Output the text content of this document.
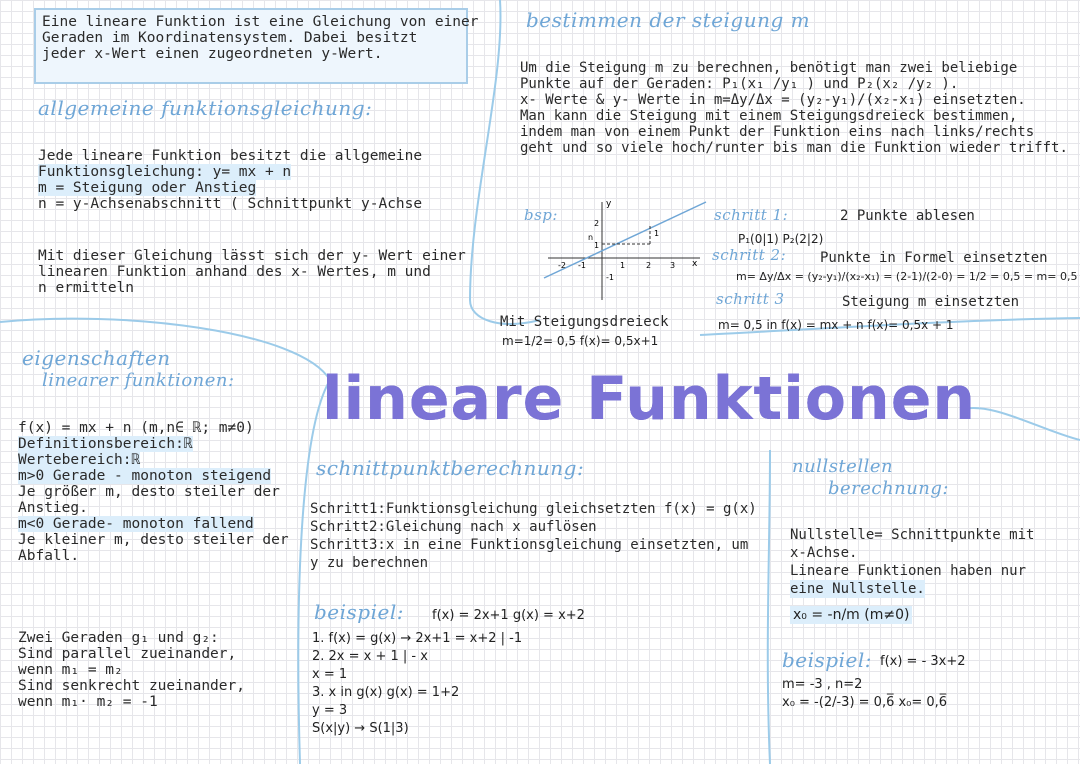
Eine lineare Funktion ist eine Gleichung von einer
Geraden im Koordinatensystem. Dabei besitzt
jeder x-Wert einen zugeordneten y-Wert.
allgemeine funktionsgleichung:
Jede lineare Funktion besitzt die allgemeine
Funktionsgleichung: y= mx + n
m = Steigung oder Anstieg

n = y-Achsenabschnitt ( Schnittpunkt y-Achse
Mit dieser Gleichung lässt sich der y- Wert einer
linearen Funktion anhand des x- Wertes, m und
n ermitteln
bestimmen der steigung m
Um die Steigung m zu berechnen, benötigt man zwei beliebige
Punkte auf der Geraden: P₁(x₁ /y₁ ) und P₂(x₂ /y₂ ).
x- Werte & y- Werte in m=Δy/Δx = (y₂-y₁)/(x₂-x₁) einsetzten.
Man kann die Steigung mit einem Steigungsdreieck bestimmen,
indem man von einem Punkt der Funktion eins nach links/rechts
geht und so viele hoch/runter bis man die Funktion wieder trifft.
bsp:
y
x
n
1	2 3
1
2
-2 -1
-1
1
Mit Steigungsdreieck
m=1/2= 0,5 f(x)= 0,5x+1
schritt 1:	2 Punkte ablesen
P₁(0|1) P₂(2|2)
schritt 2: Punkte in Formel einsetzten
m= Δy/Δx = (y₂-y₁)/(x₂-x₁) = (2-1)/(2-0) = 1/2 = 0,5 = m= 0,5
schritt 3	Steigung m einsetzten
m= 0,5 in f(x) = mx + n f(x)= 0,5x + 1
lineare Funktionen
eigenschaften
linearer funktionen:
f(x) = mx + n (m,n∈ ℝ; m≠0)
Definitionsbereich:ℝ
Wertebereich:ℝ
m>0 Gerade - monoton steigend

Je größer m, desto steiler der
Anstieg.
m<0 Gerade- monoton fallend

Je kleiner m, desto steiler der
Abfall.
Zwei Geraden g₁ und g₂:
Sind parallel zueinander,
wenn m₁ = m₂
Sind senkrecht zueinander,
wenn m₁· m₂ = -1
schnittpunktberechnung:
Schritt1:Funktionsgleichung gleichsetzten f(x) = g(x)
Schritt2:Gleichung nach x auflösen
Schritt3:x in eine Funktionsgleichung einsetzten, um
y zu berechnen
beispiel: f(x) = 2x+1 g(x) = x+2
1. f(x) = g(x) → 2x+1 = x+2 | -1
2. 2x = x + 1 | - x
x = 1
3. x in g(x) g(x) = 1+2
y = 3
S(x|y) → S(1|3)
nullstellen
berechnung:
Nullstelle= Schnittpunkte mit
x-Achse.
Lineare Funktionen haben nur
eine Nullstelle.
x₀ = -n/m (m≠0)
beispiel: f(x) = - 3x+2
m= -3 , n=2
x₀ = -(2/-3) = 0,6̅ x₀= 0,6̅
